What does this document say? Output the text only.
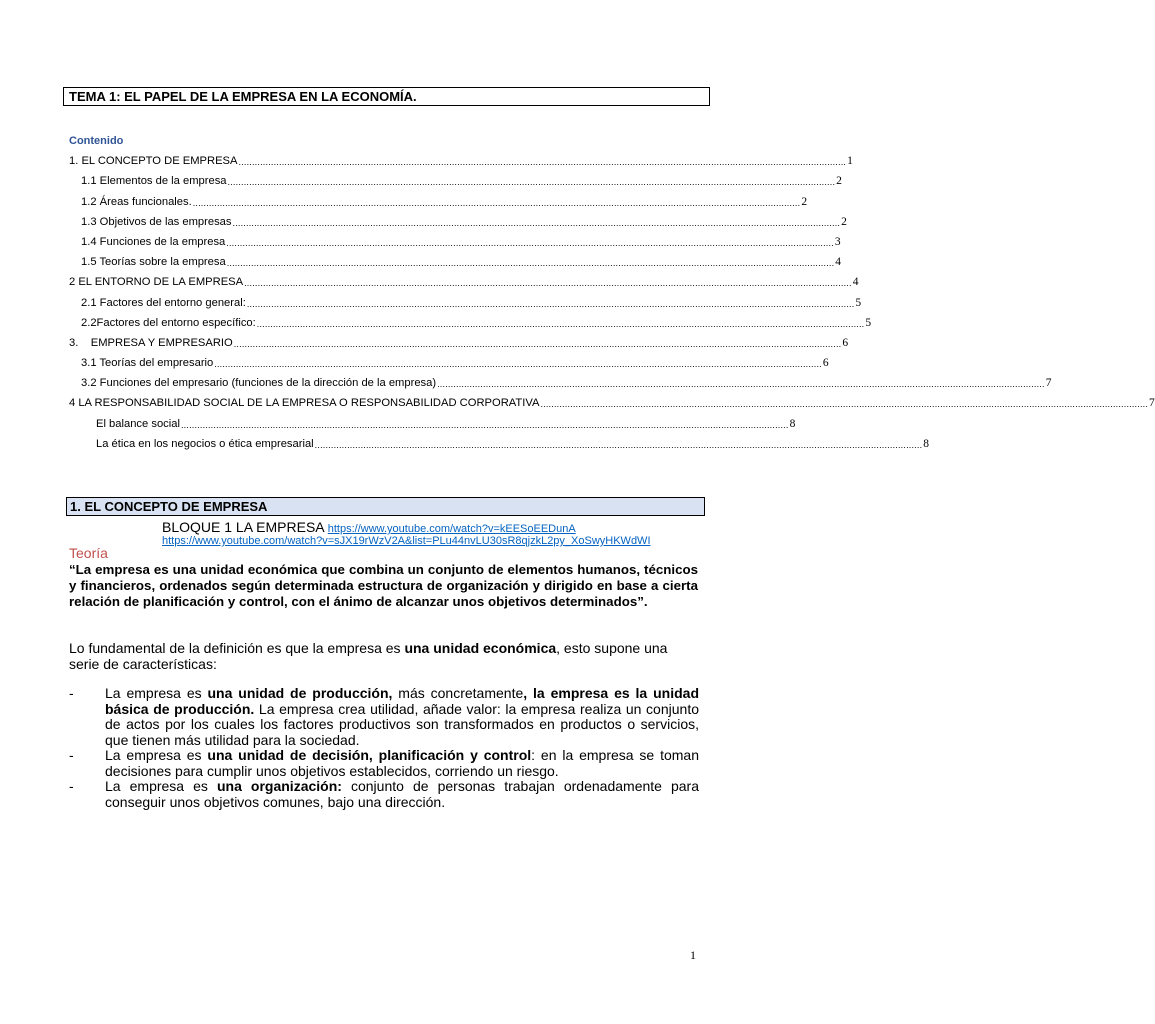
TEMA 1: EL PAPEL DE LA EMPRESA EN LA ECONOMÍA.
Contenido
1. EL CONCEPTO DE EMPRESA ................................................................................................................................................................................................................................. 1
1.1 Elementos de la empresa ................................................................................................................................................................................................................................. 2
1.2 Áreas funcionales. ................................................................................................................................................................................................................................. 2
1.3 Objetivos de las empresas ................................................................................................................................................................................................................................. 2
1.4 Funciones de la empresa ................................................................................................................................................................................................................................. 3
1.5 Teorías sobre la empresa ................................................................................................................................................................................................................................. 4
2 EL ENTORNO DE LA EMPRESA ................................................................................................................................................................................................................................. 4
2.1 Factores del entorno general: ................................................................................................................................................................................................................................. 5
2.2Factores del entorno específico: ................................................................................................................................................................................................................................. 5
3.    EMPRESA Y EMPRESARIO ................................................................................................................................................................................................................................. 6
3.1 Teorías del empresario ................................................................................................................................................................................................................................. 6
3.2 Funciones del empresario (funciones de la dirección de la empresa) ................................................................................................................................................................................................................................. 7
4 LA RESPONSABILIDAD SOCIAL DE LA EMPRESA O RESPONSABILIDAD CORPORATIVA ................................................................................................................................................................................................................................. 7
El balance social ................................................................................................................................................................................................................................. 8
La ética en los negocios o ética empresarial ................................................................................................................................................................................................................................. 8
1. EL CONCEPTO DE EMPRESA
BLOQUE 1 LA EMPRESA https://www.youtube.com/watch?v=kEESoEEDunA
https://www.youtube.com/watch?v=sJX19rWzV2A&list=PLu44nvLU30sR8qjzkL2py_XoSwyHKWdWI
Teoría
“La empresa es una unidad económica que combina un conjunto de elementos humanos, técnicos y financieros, ordenados según determinada estructura de organización y dirigido en base a cierta relación de planificación y control, con el ánimo de alcanzar unos objetivos determinados”.
Lo fundamental de la definición es que la empresa es una unidad económica, esto supone una serie de características:
-	La empresa es una unidad de producción, más concretamente, la empresa es la unidad básica de producción. La empresa crea utilidad, añade valor: la empresa realiza un conjunto de actos por los cuales los factores productivos son transformados en productos o servicios, que tienen más utilidad para la sociedad.
-	La empresa es una unidad de decisión, planificación y control: en la empresa se toman decisiones para cumplir unos objetivos establecidos, corriendo un riesgo.
-	La empresa es una organización: conjunto de personas trabajan ordenadamente para conseguir unos objetivos comunes, bajo una dirección.
1
